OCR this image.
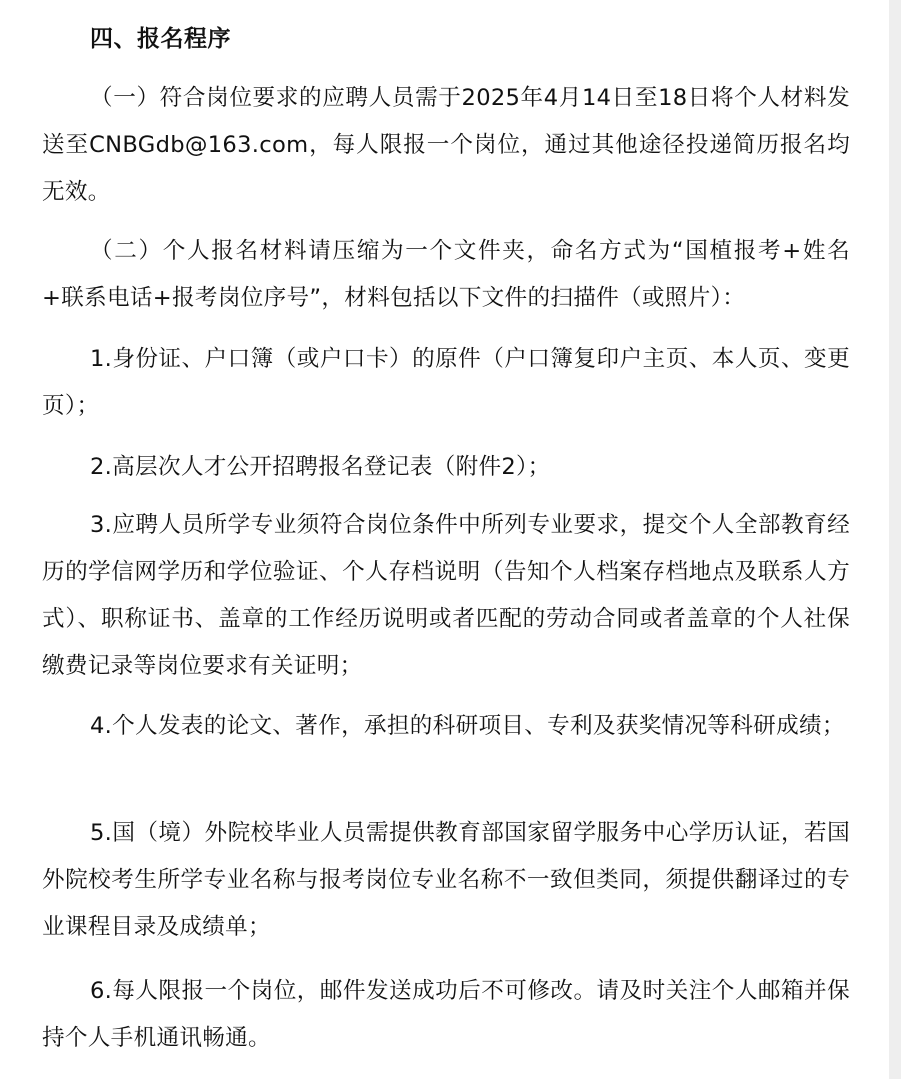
四、报名程序

（一）符合岗位要求的应聘人员需于2025年4月14日至18日将个人材料发送至CNBGdb@163.com，每人限报一个岗位，通过其他途径投递简历报名均无效。

（二）个人报名材料请压缩为一个文件夹，命名方式为“国植报考+姓名+联系电话+报考岗位序号”，材料包括以下文件的扫描件（或照片）：

1.身份证、户口簿（或户口卡）的原件（户口簿复印户主页、本人页、变更页）；

2.高层次人才公开招聘报名登记表（附件2）；

3.应聘人员所学专业须符合岗位条件中所列专业要求，提交个人全部教育经历的学信网学历和学位验证、个人存档说明（告知个人档案存档地点及联系人方式）、职称证书、盖章的工作经历说明或者匹配的劳动合同或者盖章的个人社保缴费记录等岗位要求有关证明；

4.个人发表的论文、著作，承担的科研项目、专利及获奖情况等科研成绩；

5.国（境）外院校毕业人员需提供教育部国家留学服务中心学历认证，若国外院校考生所学专业名称与报考岗位专业名称不一致但类同，须提供翻译过的专业课程目录及成绩单；

6.每人限报一个岗位，邮件发送成功后不可修改。请及时关注个人邮箱并保持个人手机通讯畅通。
